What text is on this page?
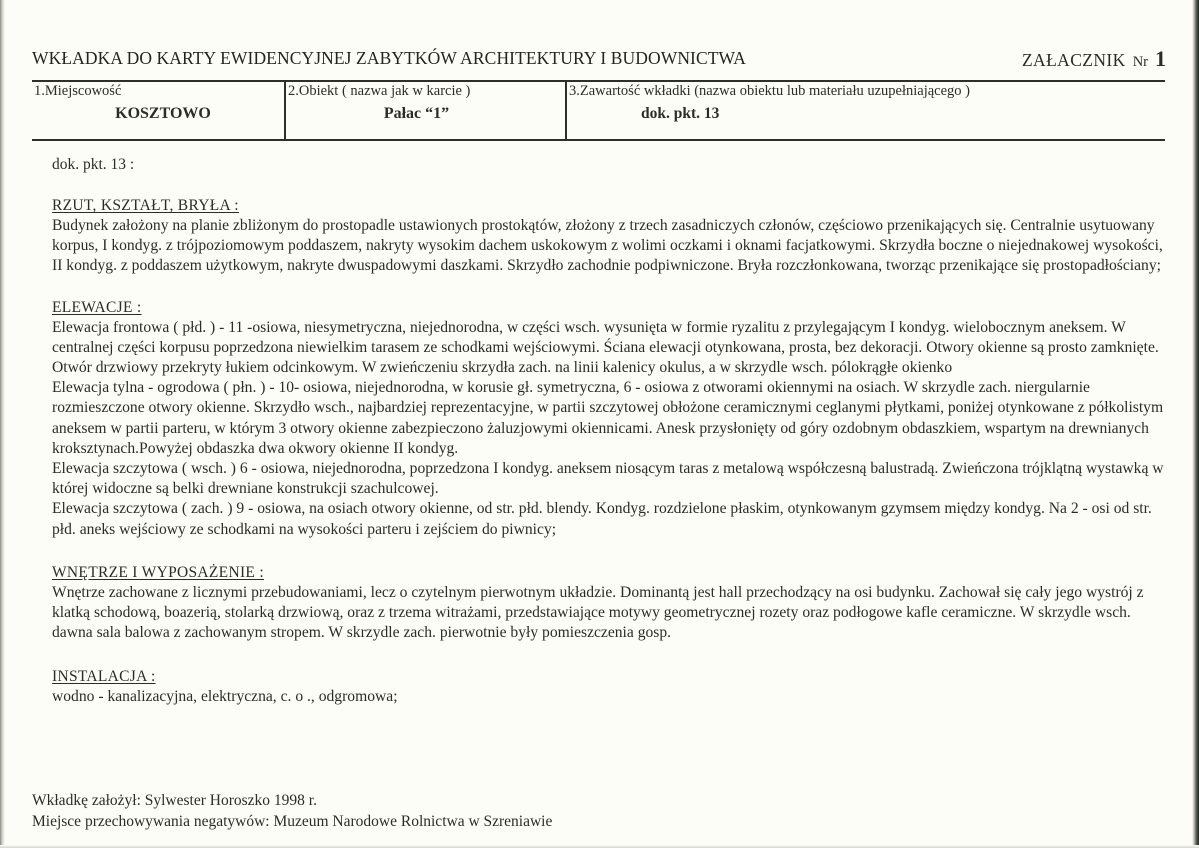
WKŁADKA DO KARTY EWIDENCYJNEJ ZABYTKÓW ARCHITEKTURY I BUDOWNICTWA	ZAŁACZNIK Nr 1
1.Miejscowość
KOSZTOWO
2.Obiekt ( nazwa jak w karcie )
Pałac “1”
3.Zawartość wkładki (nazwa obiektu lub materiału uzupełniającego )
dok. pkt. 13

dok. pkt. 13 :

RZUT, KSZTAŁT, BRYŁA :

Budynek założony na planie zbliżonym do prostopadle ustawionych prostokątów, złożony z trzech zasadniczych członów, częściowo przenikających się. Centralnie usytuowany korpus, I kondyg. z trójpoziomowym poddaszem, nakryty wysokim dachem uskokowym z wolimi oczkami i oknami facjatkowymi. Skrzydła boczne o niejednakowej wysokości, II kondyg. z poddaszem użytkowym, nakryte dwuspadowymi daszkami. Skrzydło zachodnie podpiwniczone. Bryła rozczłonkowana, tworząc przenikające się prostopadłościany;

ELEWACJE :

Elewacja frontowa ( płd. ) - 11 -osiowa, niesymetryczna, niejednorodna, w części wsch. wysunięta w formie ryzalitu z przylegającym I kondyg. wielobocznym aneksem. W centralnej części korpusu poprzedzona niewielkim tarasem ze schodkami wejściowymi. Ściana elewacji otynkowana, prosta, bez dekoracji. Otwory okienne są prosto zamknięte. Otwór drzwiowy przekryty łukiem odcinkowym. W zwieńczeniu skrzydła zach. na linii kalenicy okulus, a w skrzydle wsch. pólokrągłe okienko

Elewacja tylna - ogrodowa ( płn. ) - 10- osiowa, niejednorodna, w korusie gł. symetryczna, 6 - osiowa z otworami okiennymi na osiach. W skrzydle zach. niergularnie rozmieszczone otwory okienne. Skrzydło wsch., najbardziej reprezentacyjne, w partii szczytowej obłożone ceramicznymi ceglanymi płytkami, poniżej otynkowane z półkolistym aneksem w partii parteru, w którym 3 otwory okienne zabezpieczono żaluzjowymi okiennicami. Anesk przysłonięty od góry ozdobnym obdaszkiem, wspartym na drewnianych kroksztynach.Powyżej obdaszka dwa okwory okienne II kondyg.

Elewacja szczytowa ( wsch. ) 6 - osiowa, niejednorodna, poprzedzona I kondyg. aneksem niosącym taras z metalową współczesną balustradą. Zwieńczona trójklątną wystawką w której widoczne są belki drewniane konstrukcji szachulcowej.

Elewacja szczytowa ( zach. ) 9 - osiowa, na osiach otwory okienne, od str. płd. blendy. Kondyg. rozdzielone płaskim, otynkowanym gzymsem między kondyg. Na 2 - osi od str. płd. aneks wejściowy ze schodkami na wysokości parteru i zejściem do piwnicy;

WNĘTRZE I WYPOSAŻENIE :

Wnętrze zachowane z licznymi przebudowaniami, lecz o czytelnym pierwotnym układzie. Dominantą jest hall przechodzący na osi budynku. Zachował się cały jego wystrój z klatką schodową, boazerią, stolarką drzwiową, oraz z trzema witrażami, przedstawiające motywy geometrycznej rozety oraz podłogowe kafle ceramiczne. W skrzydle wsch. dawna sala balowa z zachowanym stropem. W skrzydle zach. pierwotnie były pomieszczenia gosp.

INSTALACJA :

wodno - kanalizacyjna, elektryczna, c. o ., odgromowa;

Wkładkę założył: Sylwester Horoszko 1998 r.
Miejsce przechowywania negatywów: Muzeum Narodowe Rolnictwa w Szreniawie
